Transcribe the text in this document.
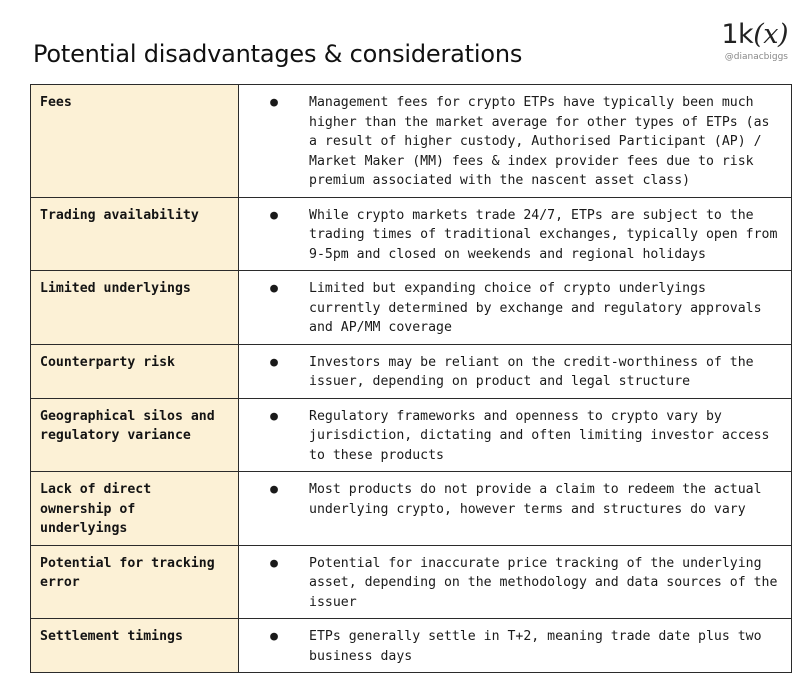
Potential disadvantages & considerations
1k(x)
@dianacbiggs
Fees	● Management fees for crypto ETPs have typically been much higher than the market average for other types of ETPs (as a result of higher custody, Authorised Participant (AP) / Market Maker (MM) fees & index provider fees due to risk premium associated with the nascent asset class)

Trading availability	● While crypto markets trade 24/7, ETPs are subject to the trading times of traditional exchanges, typically open from 9-5pm and closed on weekends and regional holidays

Limited underlyings	● Limited but expanding choice of crypto underlyings currently determined by exchange and regulatory approvals and AP/MM coverage

Counterparty risk	● Investors may be reliant on the credit-worthiness of the issuer, depending on product and legal structure

Geographical silos and regulatory variance	● Regulatory frameworks and openness to crypto vary by jurisdiction, dictating and often limiting investor access to these products

Lack of direct ownership of underlyings	● Most products do not provide a claim to redeem the actual underlying crypto, however terms and structures do vary

Potential for tracking error	● Potential for inaccurate price tracking of the underlying asset, depending on the methodology and data sources of the issuer

Settlement timings	● ETPs generally settle in T+2, meaning trade date plus two business days
